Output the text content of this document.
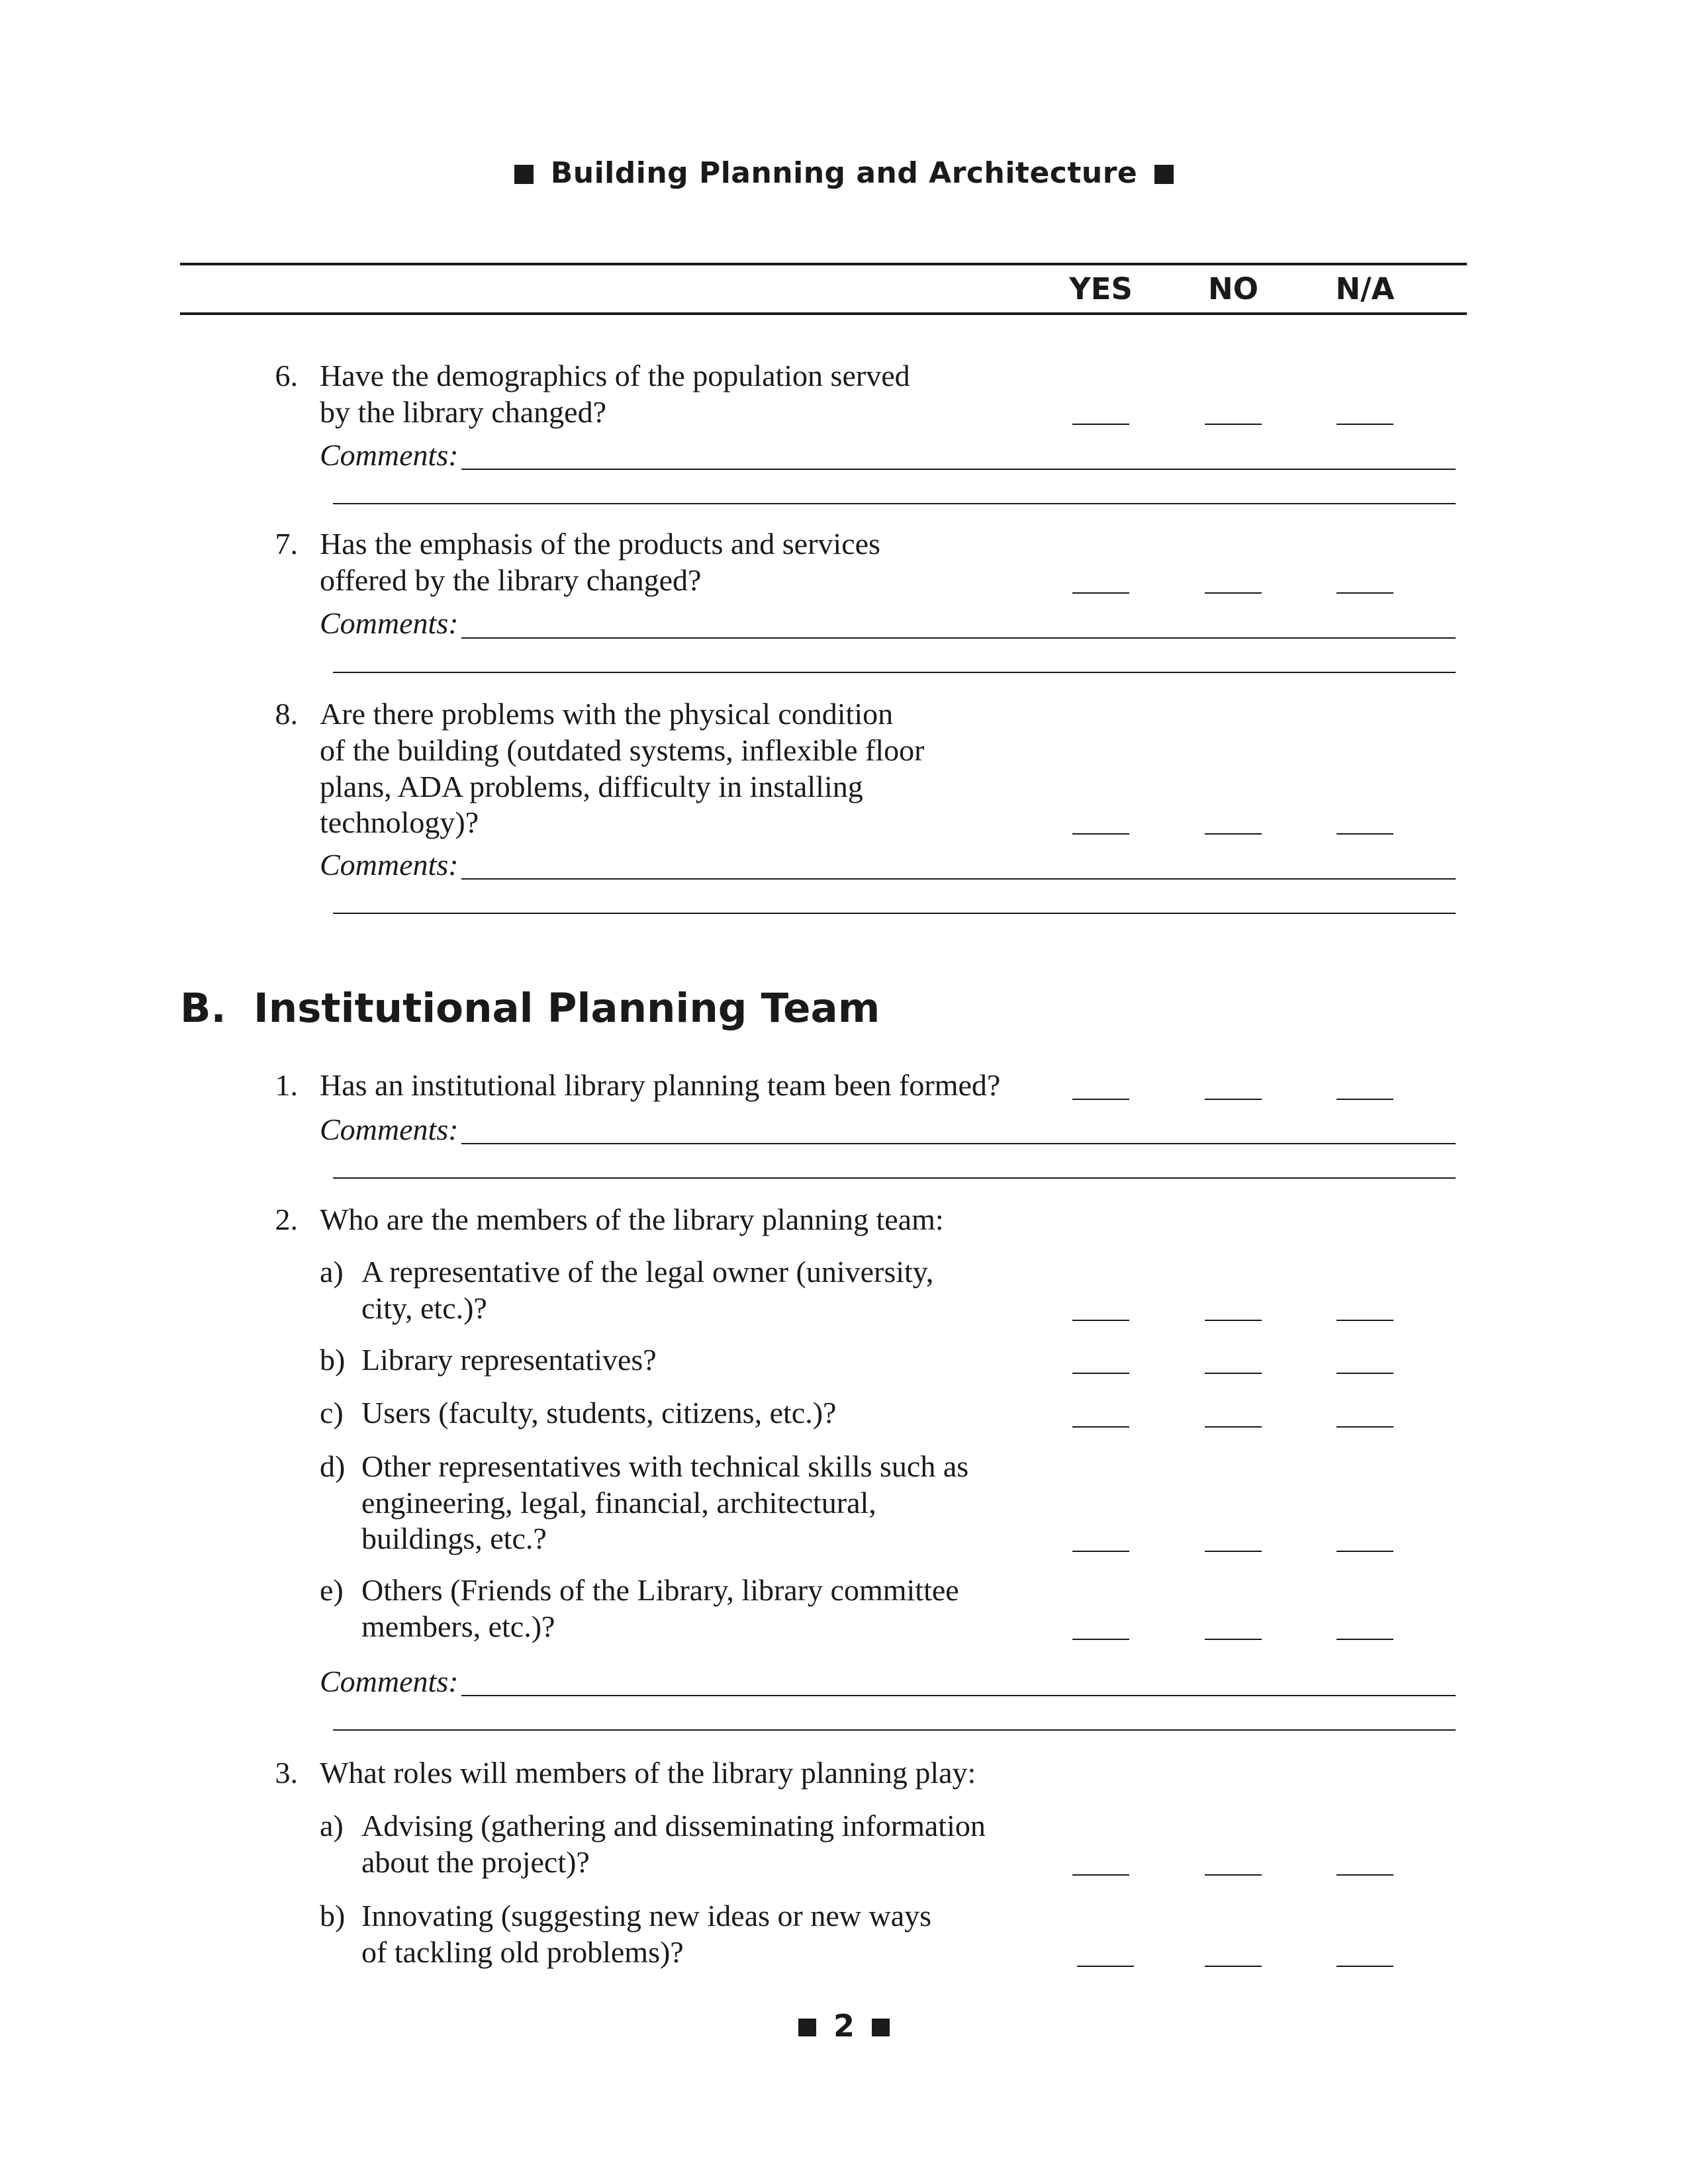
Building Planning and Architecture
YES	NO	N/A
6. Have the demographics of the population served
by the library changed?
Comments:
7. Has the emphasis of the products and services
offered by the library changed?
Comments:
8. Are there problems with the physical condition
of the building (outdated systems, inflexible floor
plans, ADA problems, difficulty in installing
technology)?
Comments:
B. Institutional Planning Team
1. Has an institutional library planning team been formed?
Comments:
2. Who are the members of the library planning team:
a) A representative of the legal owner (university,
city, etc.)?
b) Library representatives?
c) Users (faculty, students, citizens, etc.)?
d) Other representatives with technical skills such as
engineering, legal, financial, architectural,
buildings, etc.?
e) Others (Friends of the Library, library committee
members, etc.)?
Comments:
3. What roles will members of the library planning play:
a) Advising (gathering and disseminating information
about the project)?
b) Innovating (suggesting new ideas or new ways
of tackling old problems)?
2
